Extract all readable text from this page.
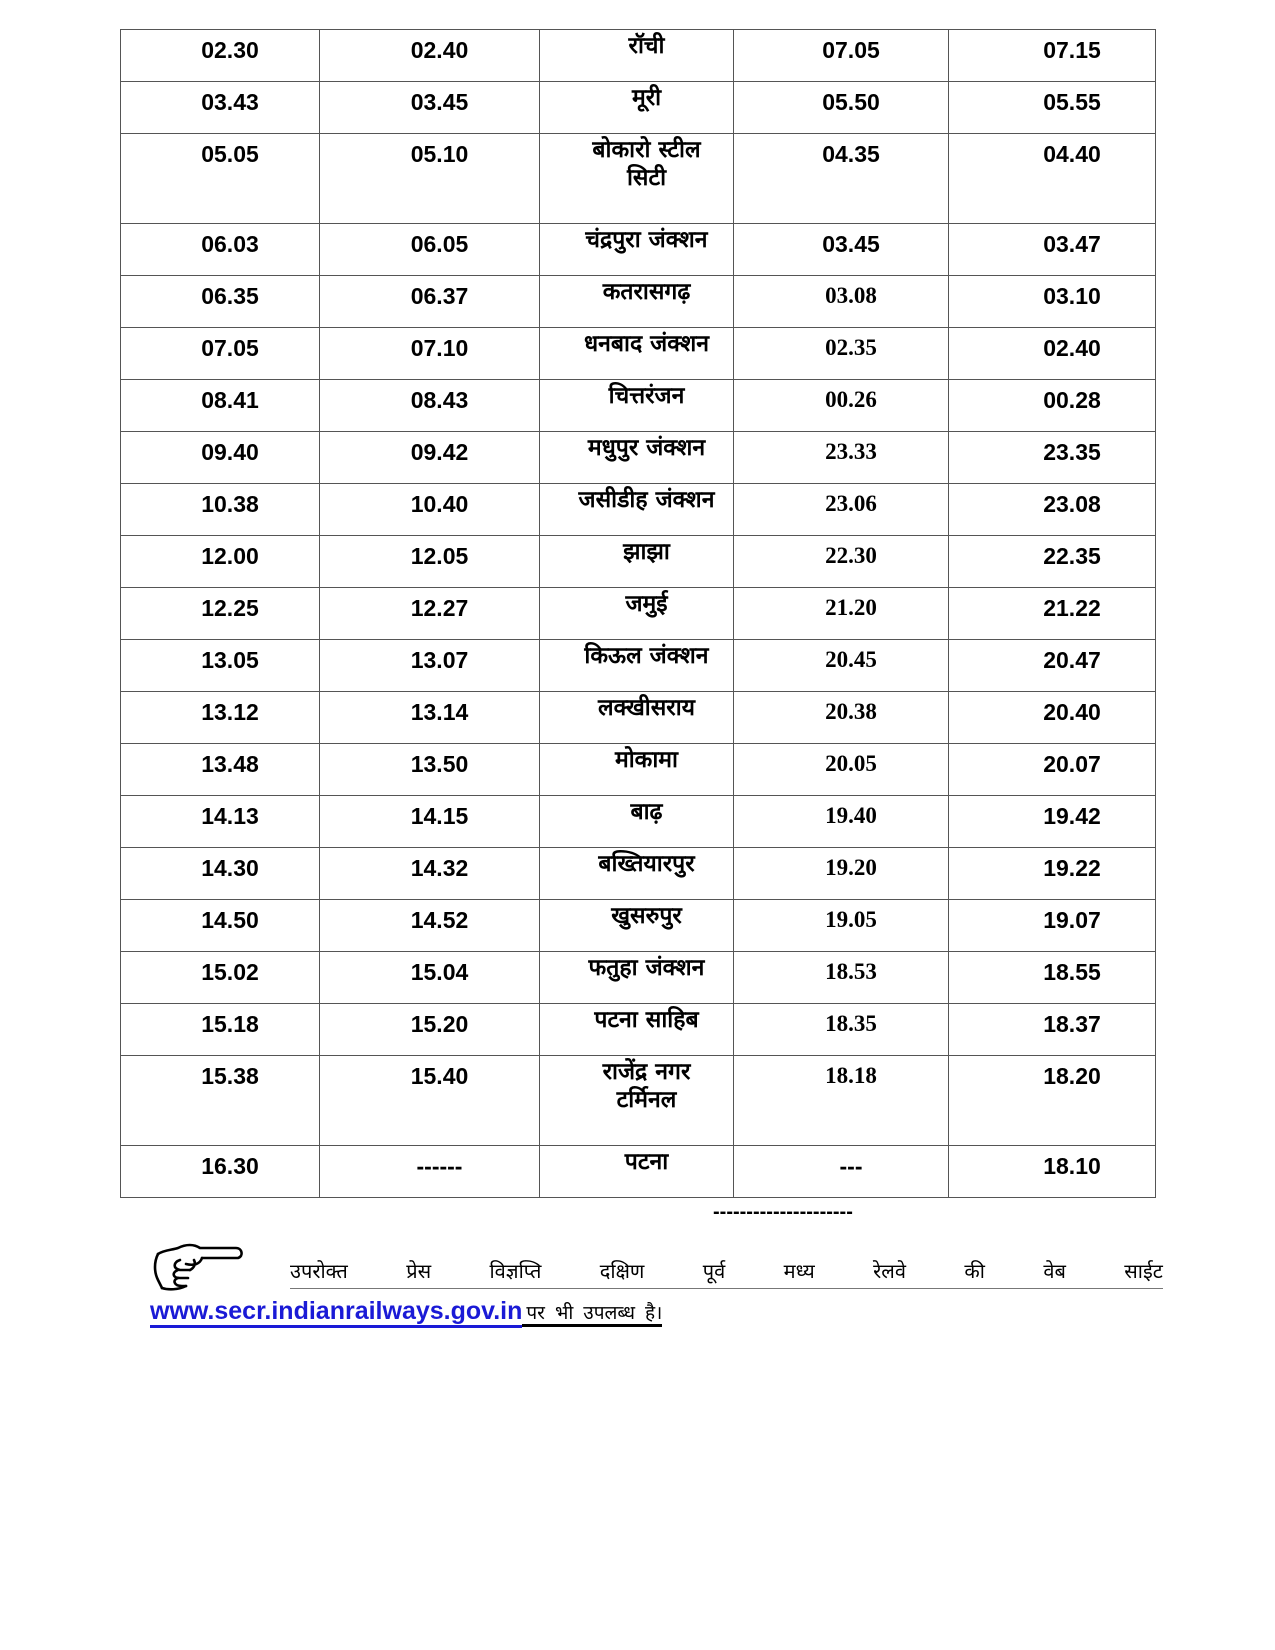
02.30	02.40	रॉची	07.05	07.15
03.43	03.45	मूरी	05.50	05.55
05.05	05.10	बोकारो स्टील सिटी	04.35	04.40
06.03	06.05	चंद्रपुरा जंक्शन	03.45	03.47
06.35	06.37	कतरासगढ़	03.08	03.10
07.05	07.10	धनबाद जंक्शन	02.35	02.40
08.41	08.43	चित्तरंजन	00.26	00.28
09.40	09.42	मधुपुर जंक्शन	23.33	23.35
10.38	10.40	जसीडीह जंक्शन	23.06	23.08
12.00	12.05	झाझा	22.30	22.35
12.25	12.27	जमुई	21.20	21.22
13.05	13.07	किऊल जंक्शन	20.45	20.47
13.12	13.14	लक्खीसराय	20.38	20.40
13.48	13.50	मोकामा	20.05	20.07
14.13	14.15	बाढ़	19.40	19.42
14.30	14.32	बख्तियारपुर	19.20	19.22
14.50	14.52	खुसरुपुर	19.05	19.07
15.02	15.04	फतुहा जंक्शन	18.53	18.55
15.18	15.20	पटना साहिब	18.35	18.37
15.38	15.40	राजेंद्र नगर टर्मिनल	18.18	18.20
16.30	------	पटना	---	18.10
---------------------
उपरोक्त	प्रेस	विज्ञप्ति	दक्षिण	पूर्व	मध्य	रेलवे	की	वेब	साईट
www.secr.indianrailways.gov.in पर भी उपलब्ध है।
